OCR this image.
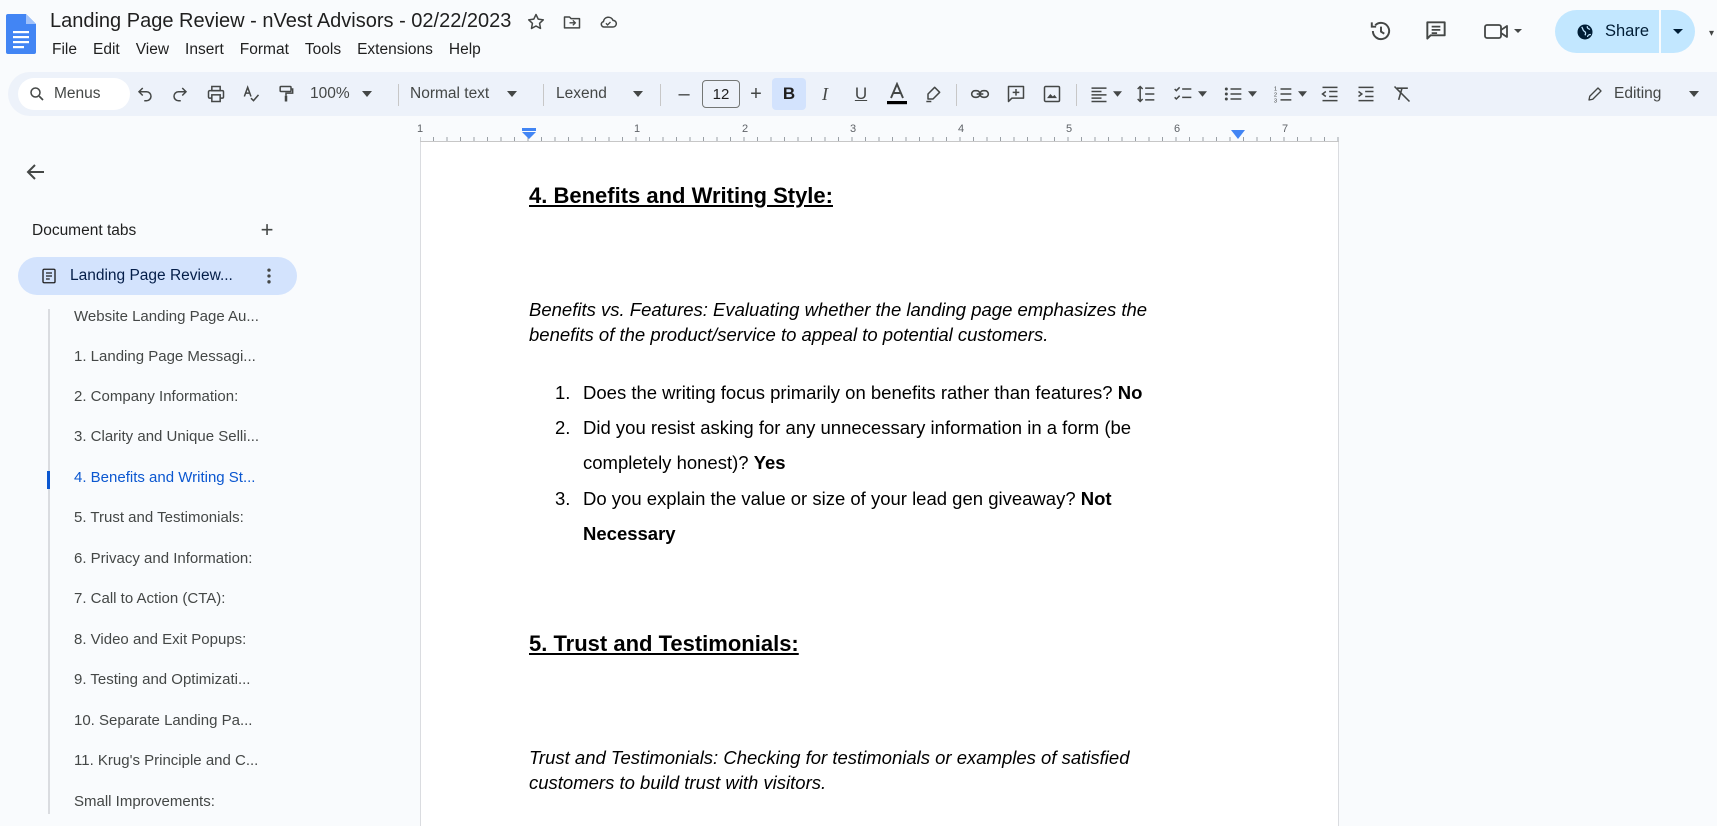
Landing Page Review - nVest Advisors - 02/22/2023
File	Edit	View	Insert	Format	Tools	Extensions	Help
Share	▾
Menus	100%	Normal text	Lexend	–	12	+	B I U	1
2
3	Editing
1	1	2	3	4	5	6	7
Document tabs	+
Landing Page Review...
Website Landing Page Au...
1. Landing Page Messagi...
2. Company Information:
3. Clarity and Unique Selli...
4. Benefits and Writing St...
5. Trust and Testimonials:
6. Privacy and Information:
7. Call to Action (CTA):
8. Video and Exit Popups:
9. Testing and Optimizati...
10. Separate Landing Pa...
11. Krug's Principle and C...
Small Improvements:
4. Benefits and Writing Style:
Benefits vs. Features: Evaluating whether the landing page emphasizes the benefits of the product/service to appeal to potential customers.
1. Does the writing focus primarily on benefits rather than features? No
2. Did you resist asking for any unnecessary information in a form (be completely honest)? Yes
3. Do you explain the value or size of your lead gen giveaway? Not Necessary
5. Trust and Testimonials:
Trust and Testimonials: Checking for testimonials or examples of satisfied customers to build trust with visitors.
